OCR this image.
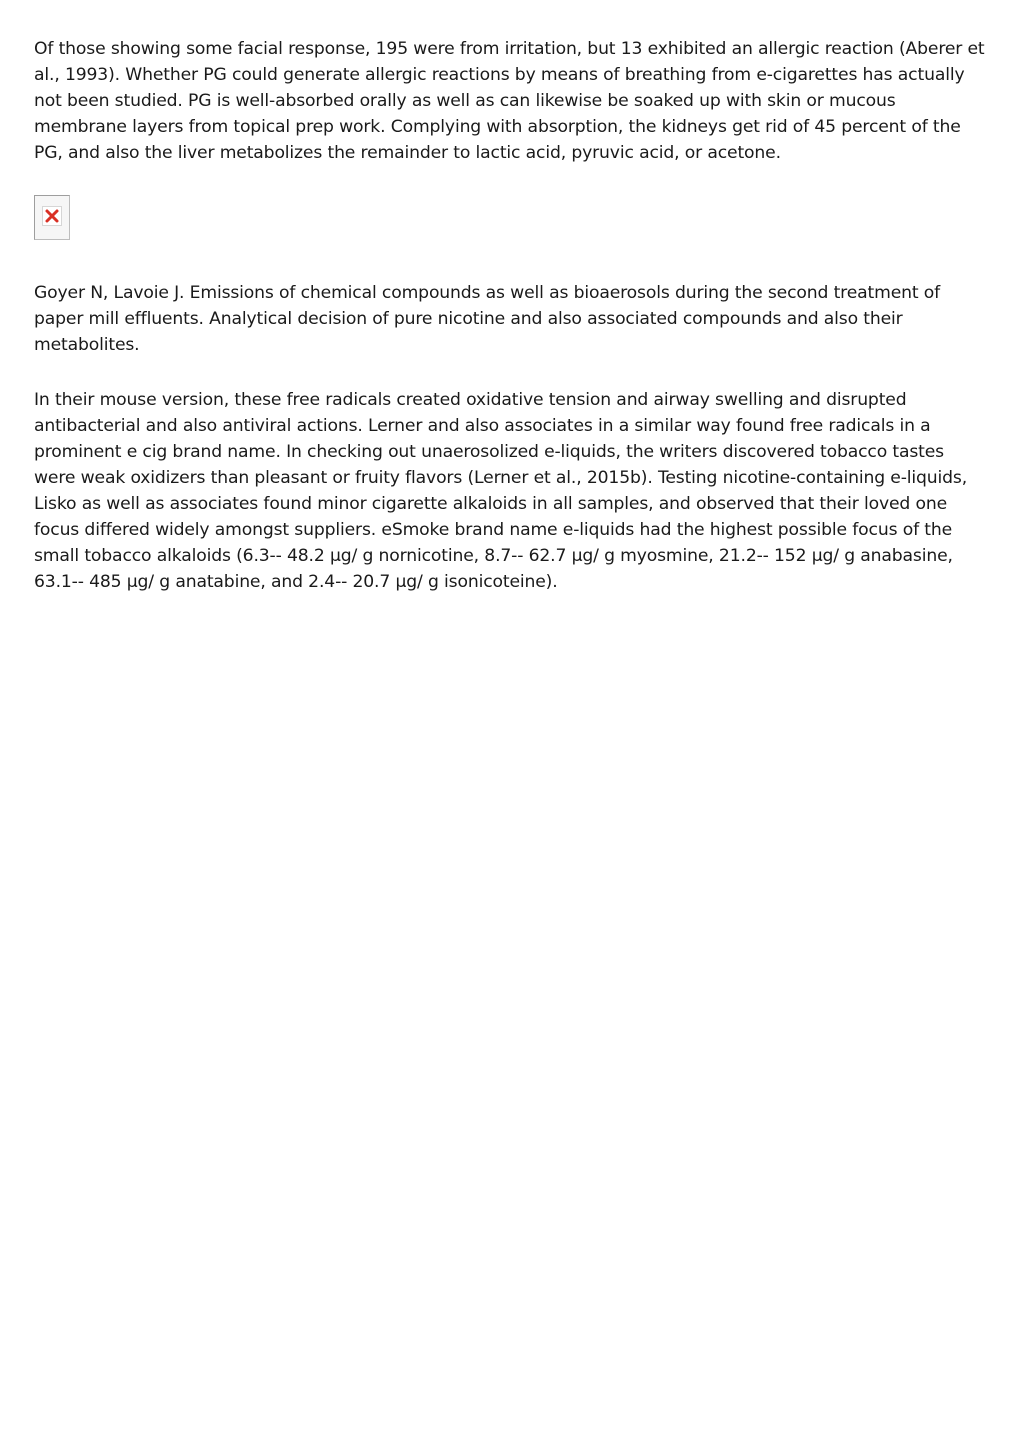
Of those showing some facial response, 195 were from irritation, but 13 exhibited an allergic reaction (Aberer et al., 1993). Whether PG could generate allergic reactions by means of breathing from e-cigarettes has actually not been studied. PG is well-absorbed orally as well as can likewise be soaked up with skin or mucous membrane layers from topical prep work. Complying with absorption, the kidneys get rid of 45 percent of the PG, and also the liver metabolizes the remainder to lactic acid, pyruvic acid, or acetone.

Goyer N, Lavoie J. Emissions of chemical compounds as well as bioaerosols during the second treatment of paper mill effluents. Analytical decision of pure nicotine and also associated compounds and also their metabolites.

In their mouse version, these free radicals created oxidative tension and airway swelling and disrupted antibacterial and also antiviral actions. Lerner and also associates in a similar way found free radicals in a prominent e cig brand name. In checking out unaerosolized e-liquids, the writers discovered tobacco tastes were weak oxidizers than pleasant or fruity flavors (Lerner et al., 2015b). Testing nicotine-containing e-liquids, Lisko as well as associates found minor cigarette alkaloids in all samples, and observed that their loved one focus differed widely amongst suppliers. eSmoke brand name e-liquids had the highest possible focus of the small tobacco alkaloids (6.3-- 48.2 μg/ g nornicotine, 8.7-- 62.7 μg/ g myosmine, 21.2-- 152 μg/ g anabasine, 63.1-- 485 μg/ g anatabine, and 2.4-- 20.7 μg/ g isonicoteine).
